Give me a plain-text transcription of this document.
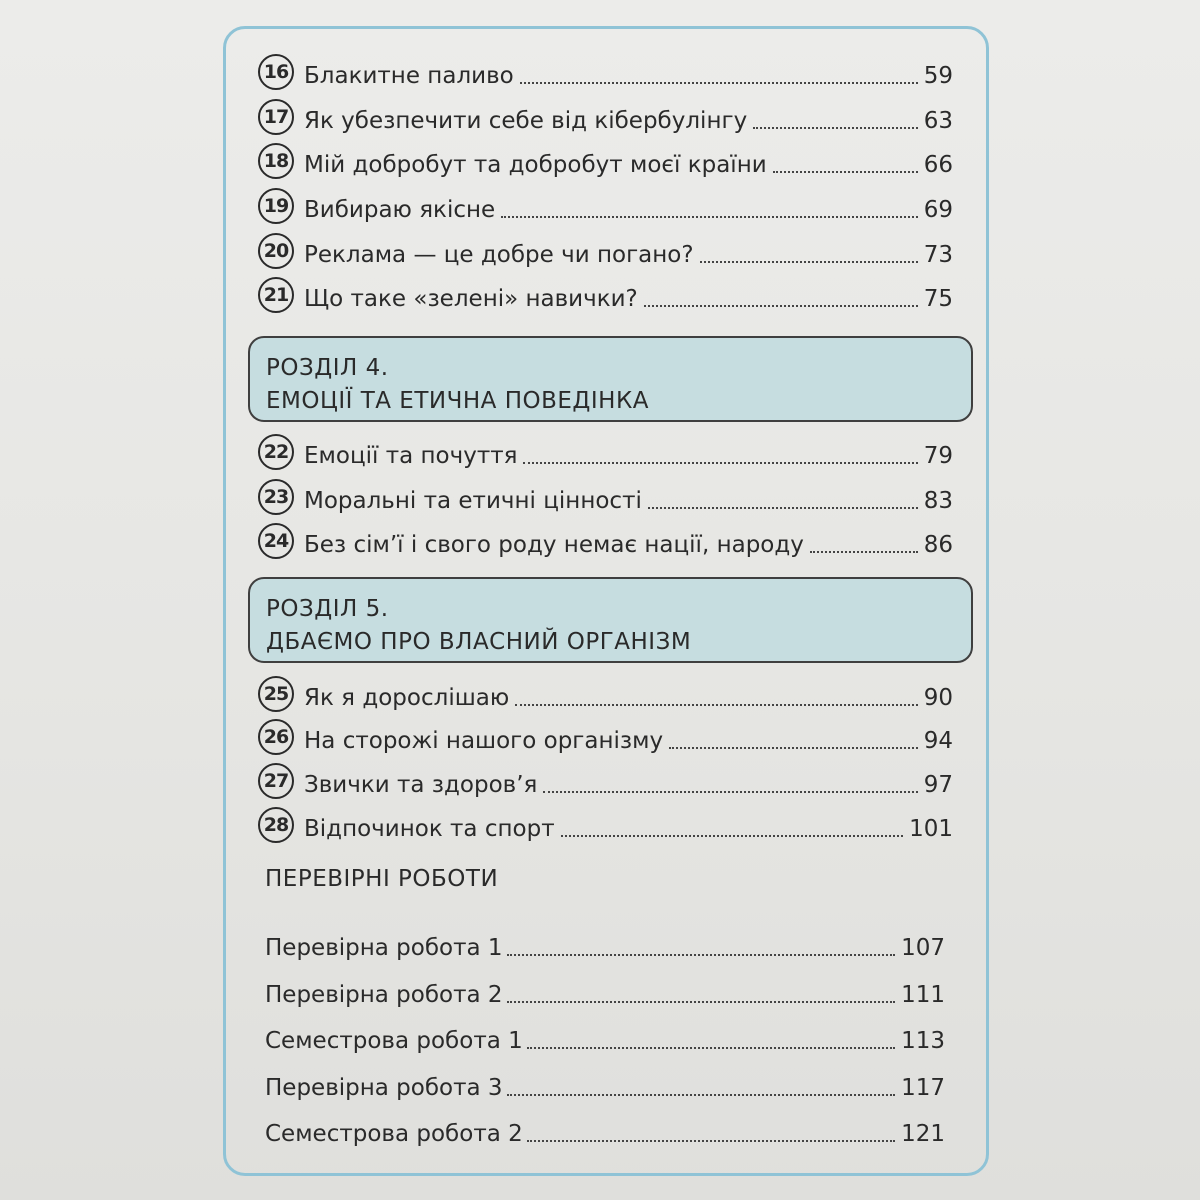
16 Блакитне паливо	59
17 Як убезпечити себе від кібербулінгу	63
18 Мій добробут та добробут моєї країни	66
19 Вибираю якісне	69
20 Реклама — це добре чи погано?	73
21 Що таке «зелені» навички?	75
РОЗДІЛ 4.
ЕМОЦІЇ ТА ЕТИЧНА ПОВЕДІНКА
22 Емоції та почуття	79
23 Моральні та етичні цінності	83
24 Без сім’ї і свого роду немає нації, народу	86
РОЗДІЛ 5.
ДБАЄМО ПРО ВЛАСНИЙ ОРГАНІЗМ
25 Як я дорослішаю	90
26 На сторожі нашого організму	94
27 Звички та здоров’я	97
28 Відпочинок та спорт	101
ПЕРЕВІРНІ РОБОТИ
Перевірна робота 1	107
Перевірна робота 2	111
Семестрова робота 1	113
Перевірна робота 3	117
Семестрова робота 2	121
